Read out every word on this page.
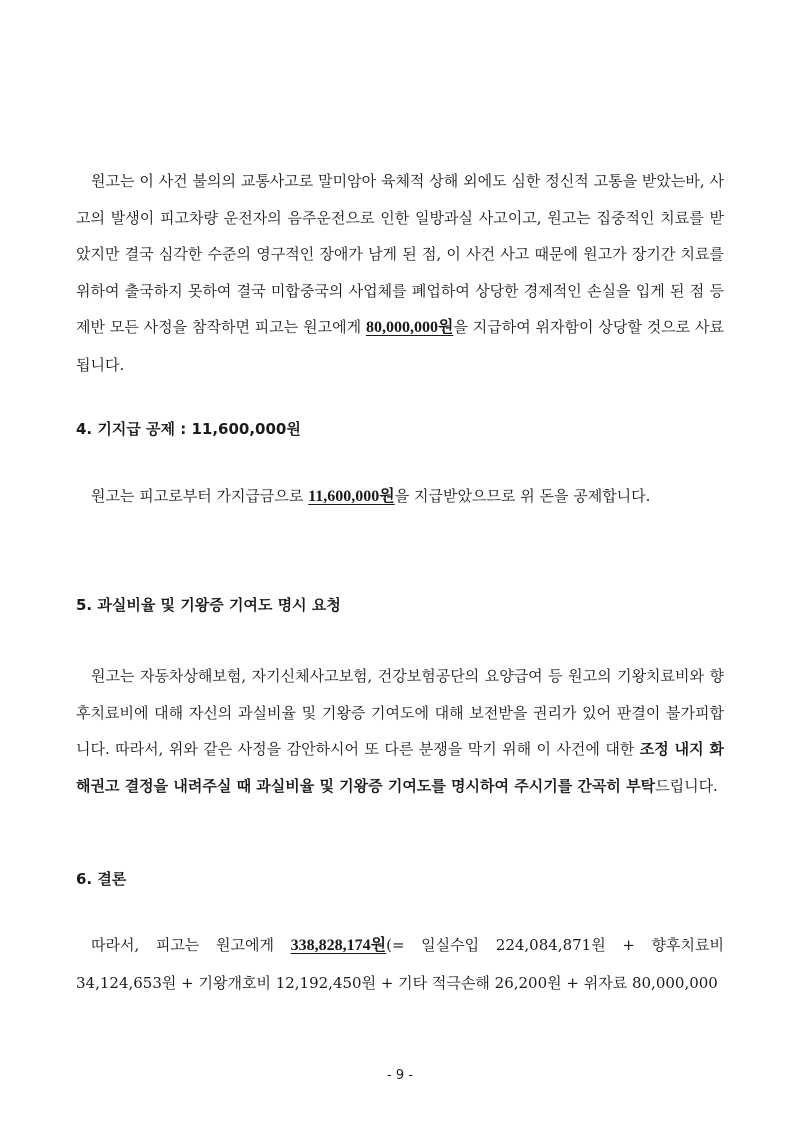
원고는 이 사건 불의의 교통사고로 말미암아 육체적 상해 외에도 심한 정신적 고통을 받았는바, 사고의 발생이 피고차량 운전자의 음주운전으로 인한 일방과실 사고이고, 원고는 집중적인 치료를 받았지만 결국 심각한 수준의 영구적인 장애가 남게 된 점, 이 사건 사고 때문에 원고가 장기간 치료를 위하여 출국하지 못하여 결국 미합중국의 사업체를 폐업하여 상당한 경제적인 손실을 입게 된 점 등 제반 모든 사정을 참작하면 피고는 원고에게 80,000,000원을 지급하여 위자함이 상당할 것으로 사료됩니다.

4. 기지급 공제 : 11,600,000원

원고는 피고로부터 가지급금으로 11,600,000원을 지급받았으므로 위 돈을 공제합니다.

5. 과실비율 및 기왕증 기여도 명시 요청

원고는 자동차상해보험, 자기신체사고보험, 건강보험공단의 요양급여 등 원고의 기왕치료비와 향후치료비에 대해 자신의 과실비율 및 기왕증 기여도에 대해 보전받을 권리가 있어 판결이 불가피합니다. 따라서, 위와 같은 사정을 감안하시어 또 다른 분쟁을 막기 위해 이 사건에 대한 조정 내지 화해권고 결정을 내려주실 때 과실비율 및 기왕증 기여도를 명시하여 주시기를 간곡히 부탁드립니다.

6. 결론

따라서, 피고는 원고에게 338,828,174원(= 일실수입 224,084,871원 + 향후치료비 34,124,653원 + 기왕개호비 12,192,450원 + 기타 적극손해 26,200원 + 위자료 80,000,000

- 9 -
